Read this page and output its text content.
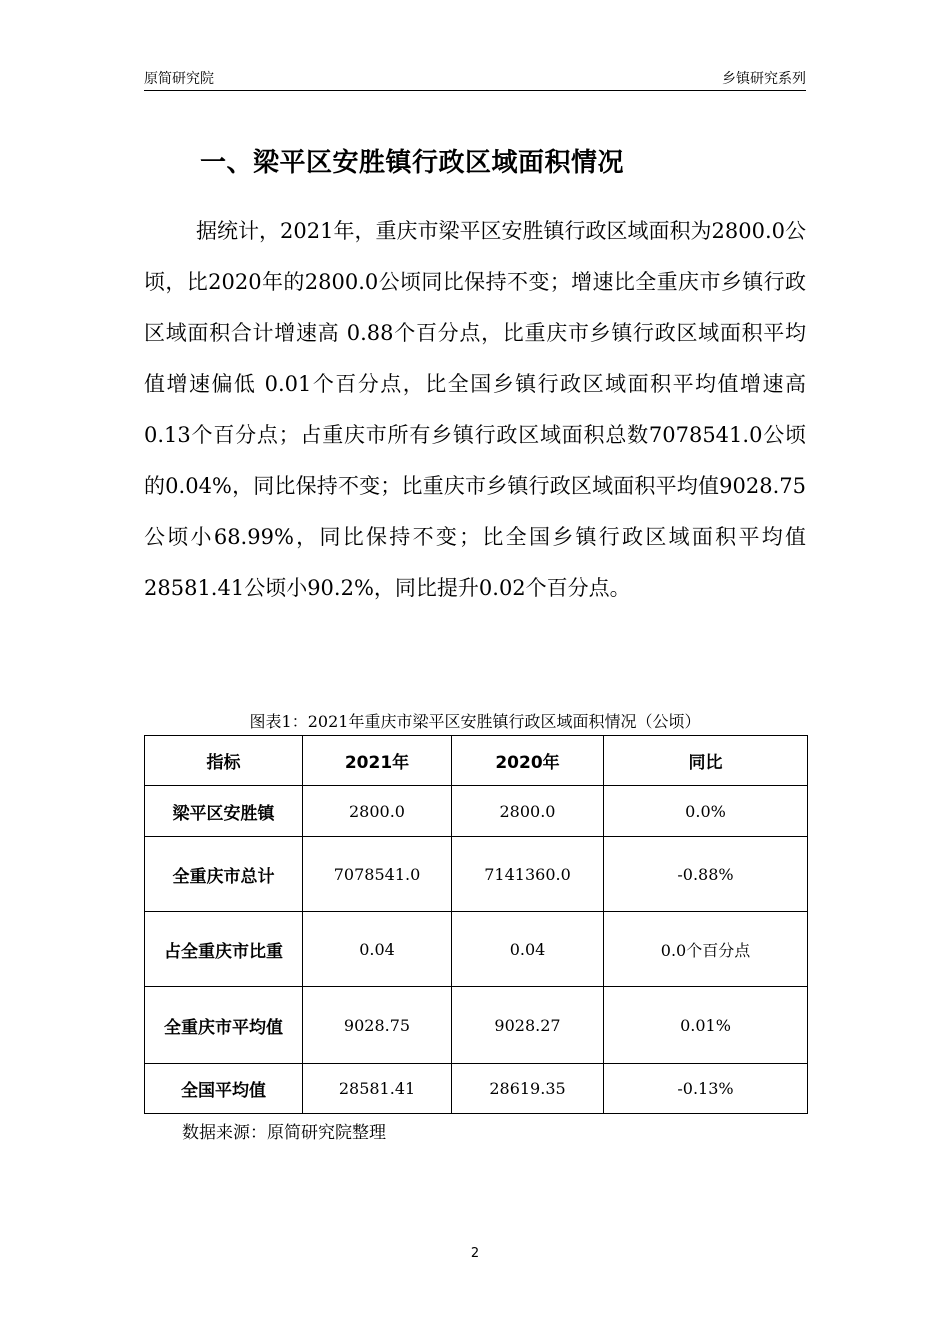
原简研究院	乡镇研究系列
一、梁平区安胜镇行政区域面积情况
据统计，2021年，重庆市梁平区安胜镇行政区域面积为2800.0公顷，比2020年的2800.0公顷同比保持不变；增速比全重庆市乡镇行政区域面积合计增速高 0.88个百分点，比重庆市乡镇行政区域面积平均值增速偏低 0.01个百分点，比全国乡镇行政区域面积平均值增速高 0.13个百分点；占重庆市所有乡镇行政区域面积总数7078541.0公顷的0.04%，同比保持不变；比重庆市乡镇行政区域面积平均值9028.75公顷小68.99%，同比保持不变；比全国乡镇行政区域面积平均值28581.41公顷小90.2%，同比提升0.02个百分点。
图表1：2021年重庆市梁平区安胜镇行政区域面积情况（公顷）
指标	2021年	2020年	同比
梁平区安胜镇	2800.0	2800.0	0.0%
全重庆市总计	7078541.0	7141360.0	-0.88%
占全重庆市比重	0.04	0.04	0.0个百分点
全重庆市平均值	9028.75	9028.27	0.01%
全国平均值	28581.41	28619.35	-0.13%
数据来源：原简研究院整理
2
